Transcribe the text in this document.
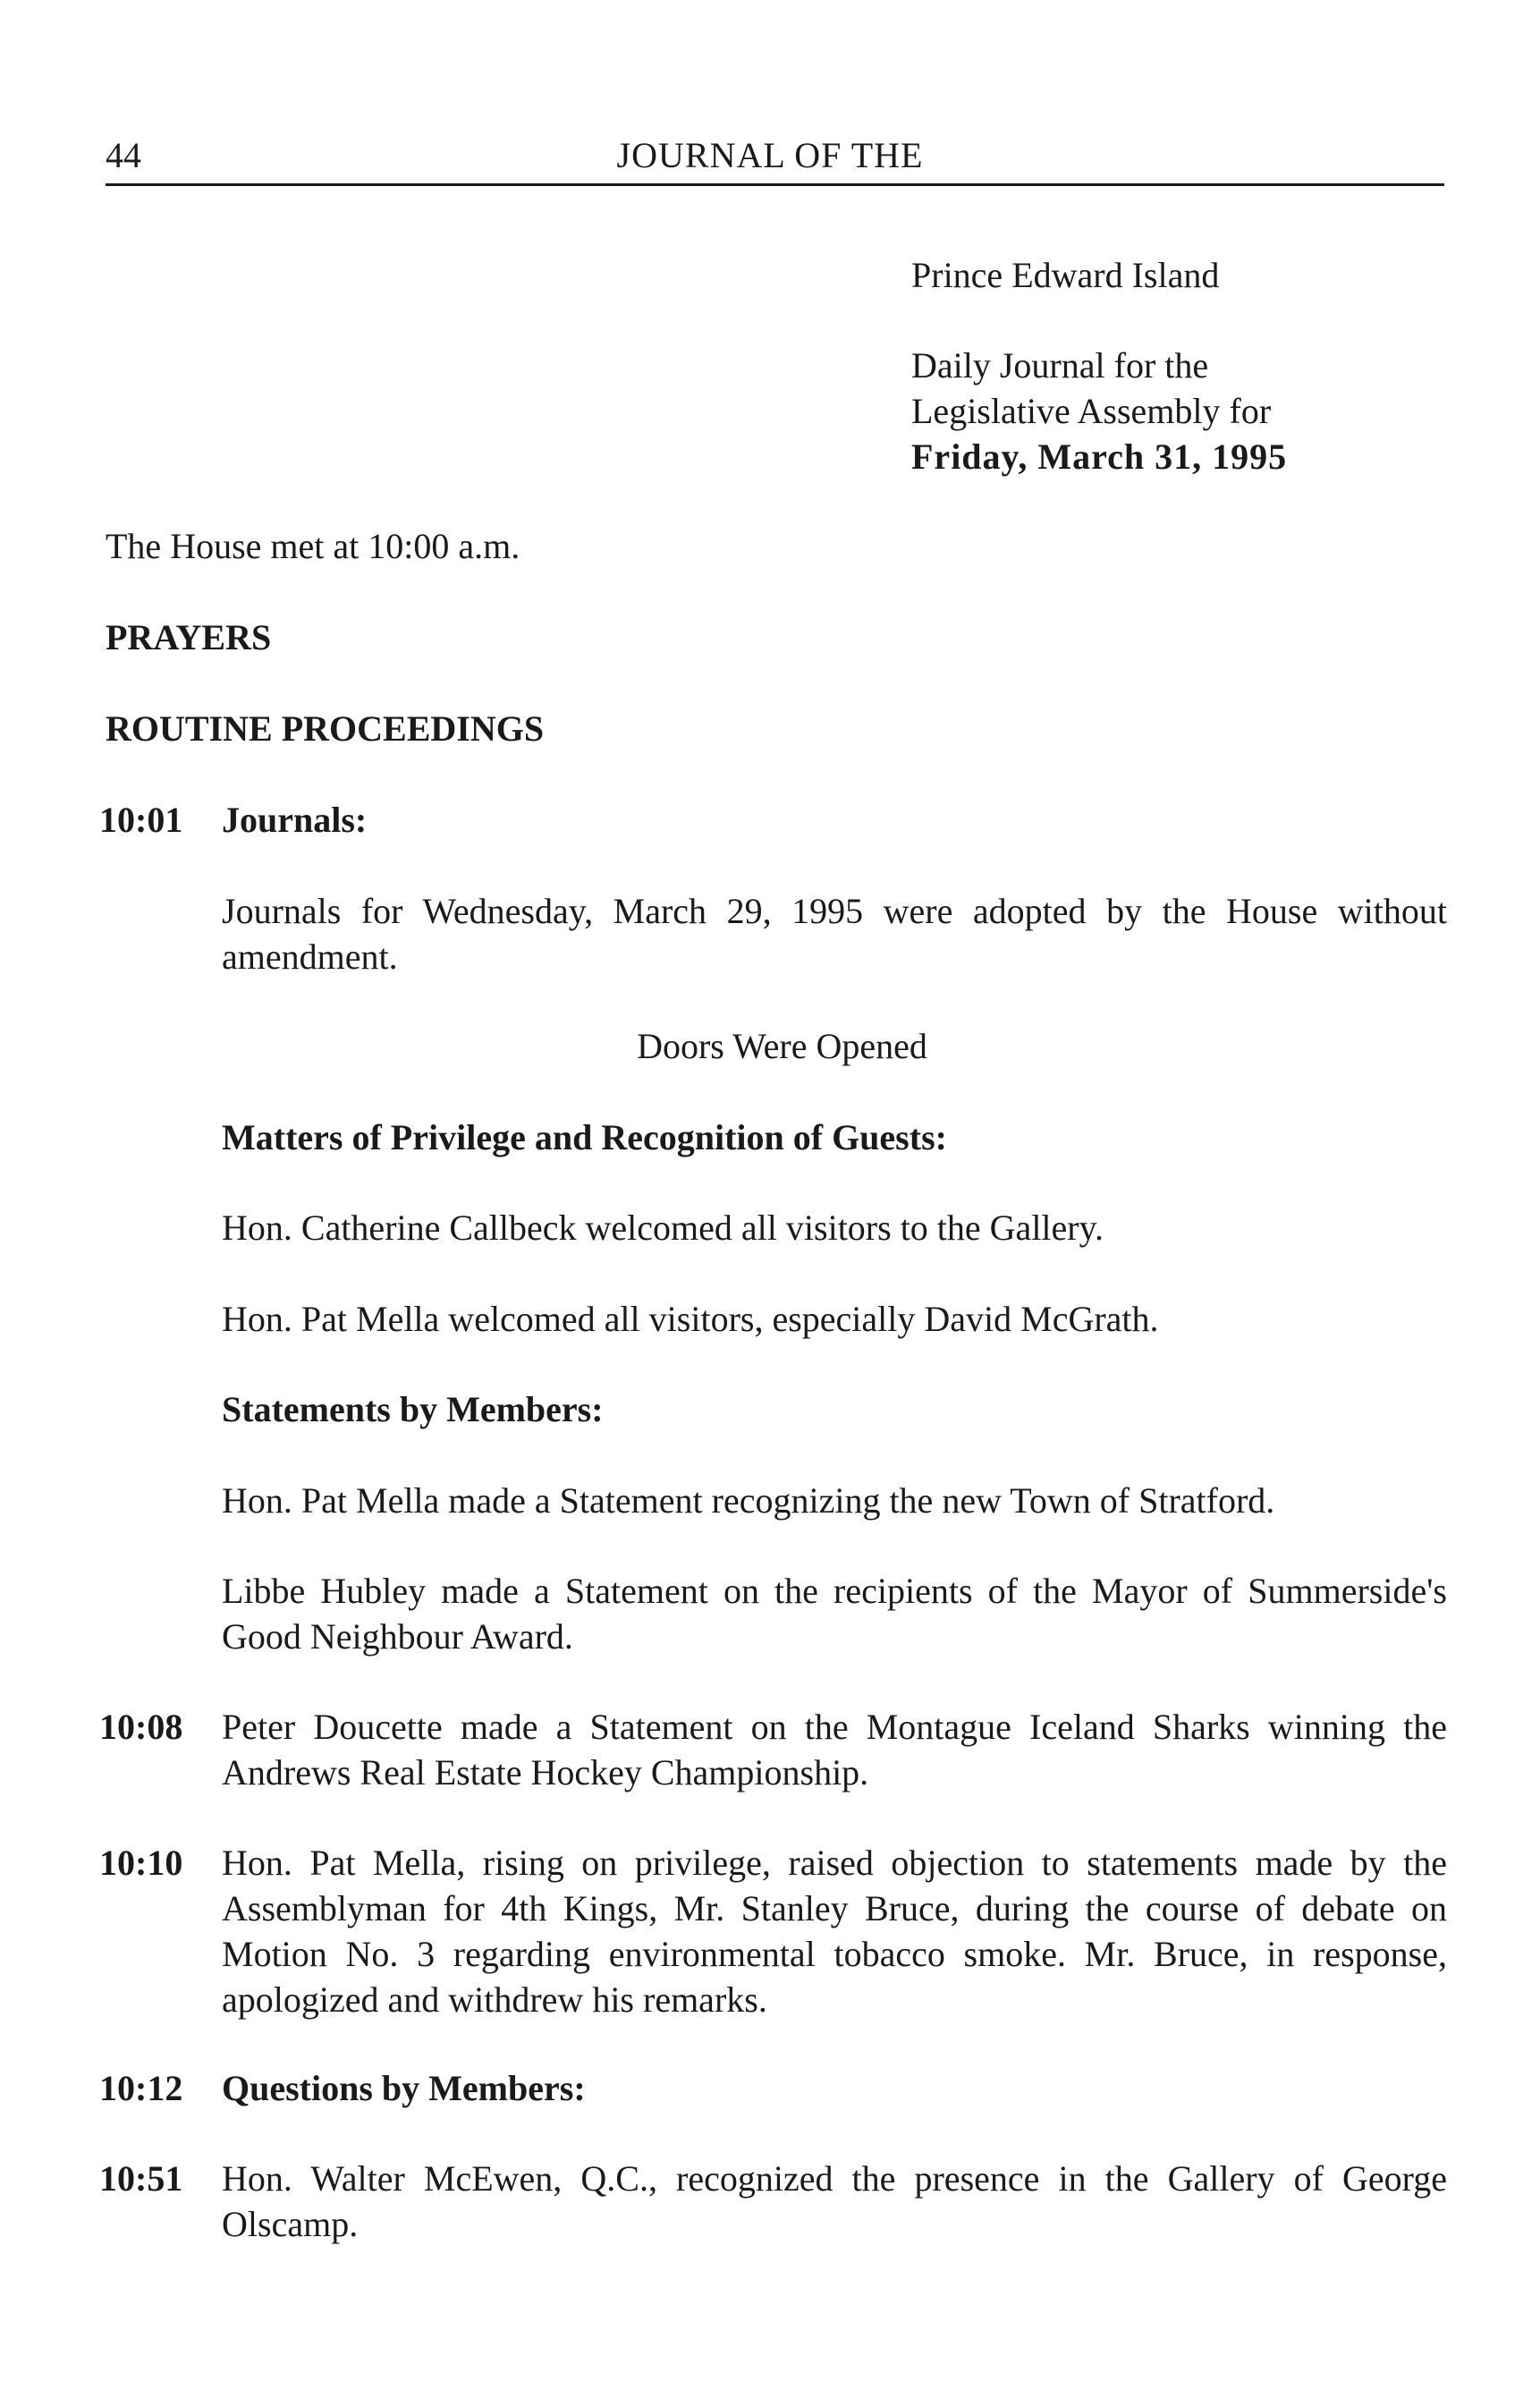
44	JOURNAL OF THE
Prince Edward Island
Daily Journal for the
Legislative Assembly for
Friday, March 31, 1995
The House met at 10:00 a.m.
PRAYERS
ROUTINE PROCEEDINGS
10:01 Journals:
Journals for Wednesday, March 29, 1995 were adopted by the House without amendment.
Doors Were Opened
Matters of Privilege and Recognition of Guests:
Hon. Catherine Callbeck welcomed all visitors to the Gallery.
Hon. Pat Mella welcomed all visitors, especially David McGrath.
Statements by Members:
Hon. Pat Mella made a Statement recognizing the new Town of Stratford.
Libbe Hubley made a Statement on the recipients of the Mayor of Summerside's Good Neighbour Award.
10:08 Peter Doucette made a Statement on the Montague Iceland Sharks winning the Andrews Real Estate Hockey Championship.
10:10 Hon. Pat Mella, rising on privilege, raised objection to statements made by the Assemblyman for 4th Kings, Mr. Stanley Bruce, during the course of debate on Motion No. 3 regarding environmental tobacco smoke. Mr. Bruce, in response, apologized and withdrew his remarks.
10:12 Questions by Members:
10:51 Hon. Walter McEwen, Q.C., recognized the presence in the Gallery of George Olscamp.
